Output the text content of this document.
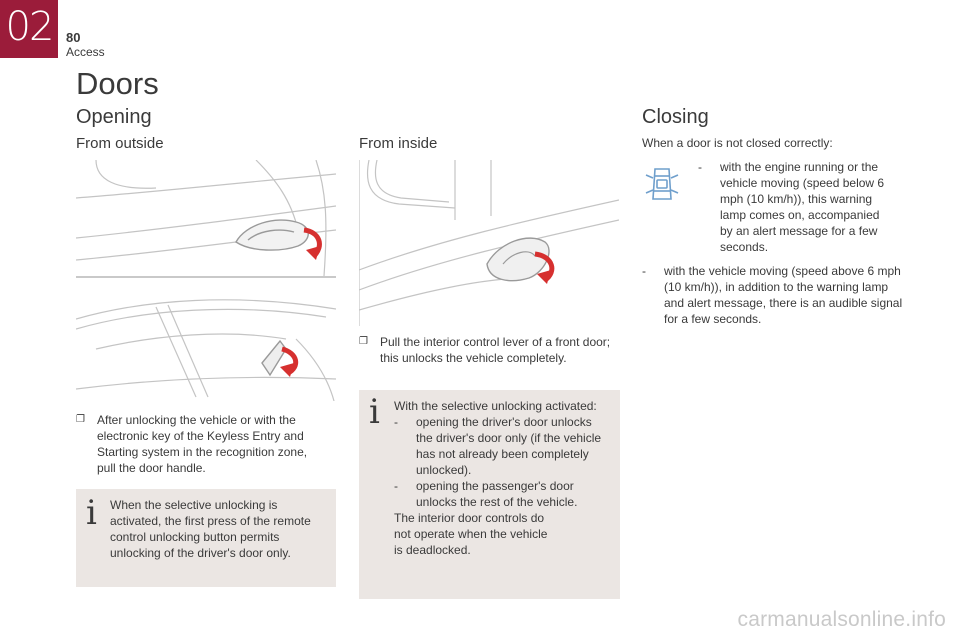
02	80
Access
Doors
Opening
From outside	From inside
❐ After unlocking the vehicle or with the electronic key of the Keyless Entry and Starting system in the recognition zone, pull the door handle.
i When the selective unlocking is activated, the first press of the remote control unlocking button permits unlocking of the driver's door only.
❐ Pull the interior control lever of a front door; this unlocks the vehicle completely.
i With the selective unlocking activated:
- opening the driver's door unlocks the driver's door only (if the vehicle has not already been completely unlocked).
- opening the passenger's door unlocks the rest of the vehicle.
The interior door controls do not operate when the vehicle is deadlocked.
Closing
When a door is not closed correctly:
- with the engine running or the vehicle moving (speed below 6 mph (10 km/h)), this warning lamp comes on, accompanied by an alert message for a few seconds.
- with the vehicle moving (speed above 6 mph (10 km/h)), in addition to the warning lamp and alert message, there is an audible signal for a few seconds.
carmanualsonline.info
